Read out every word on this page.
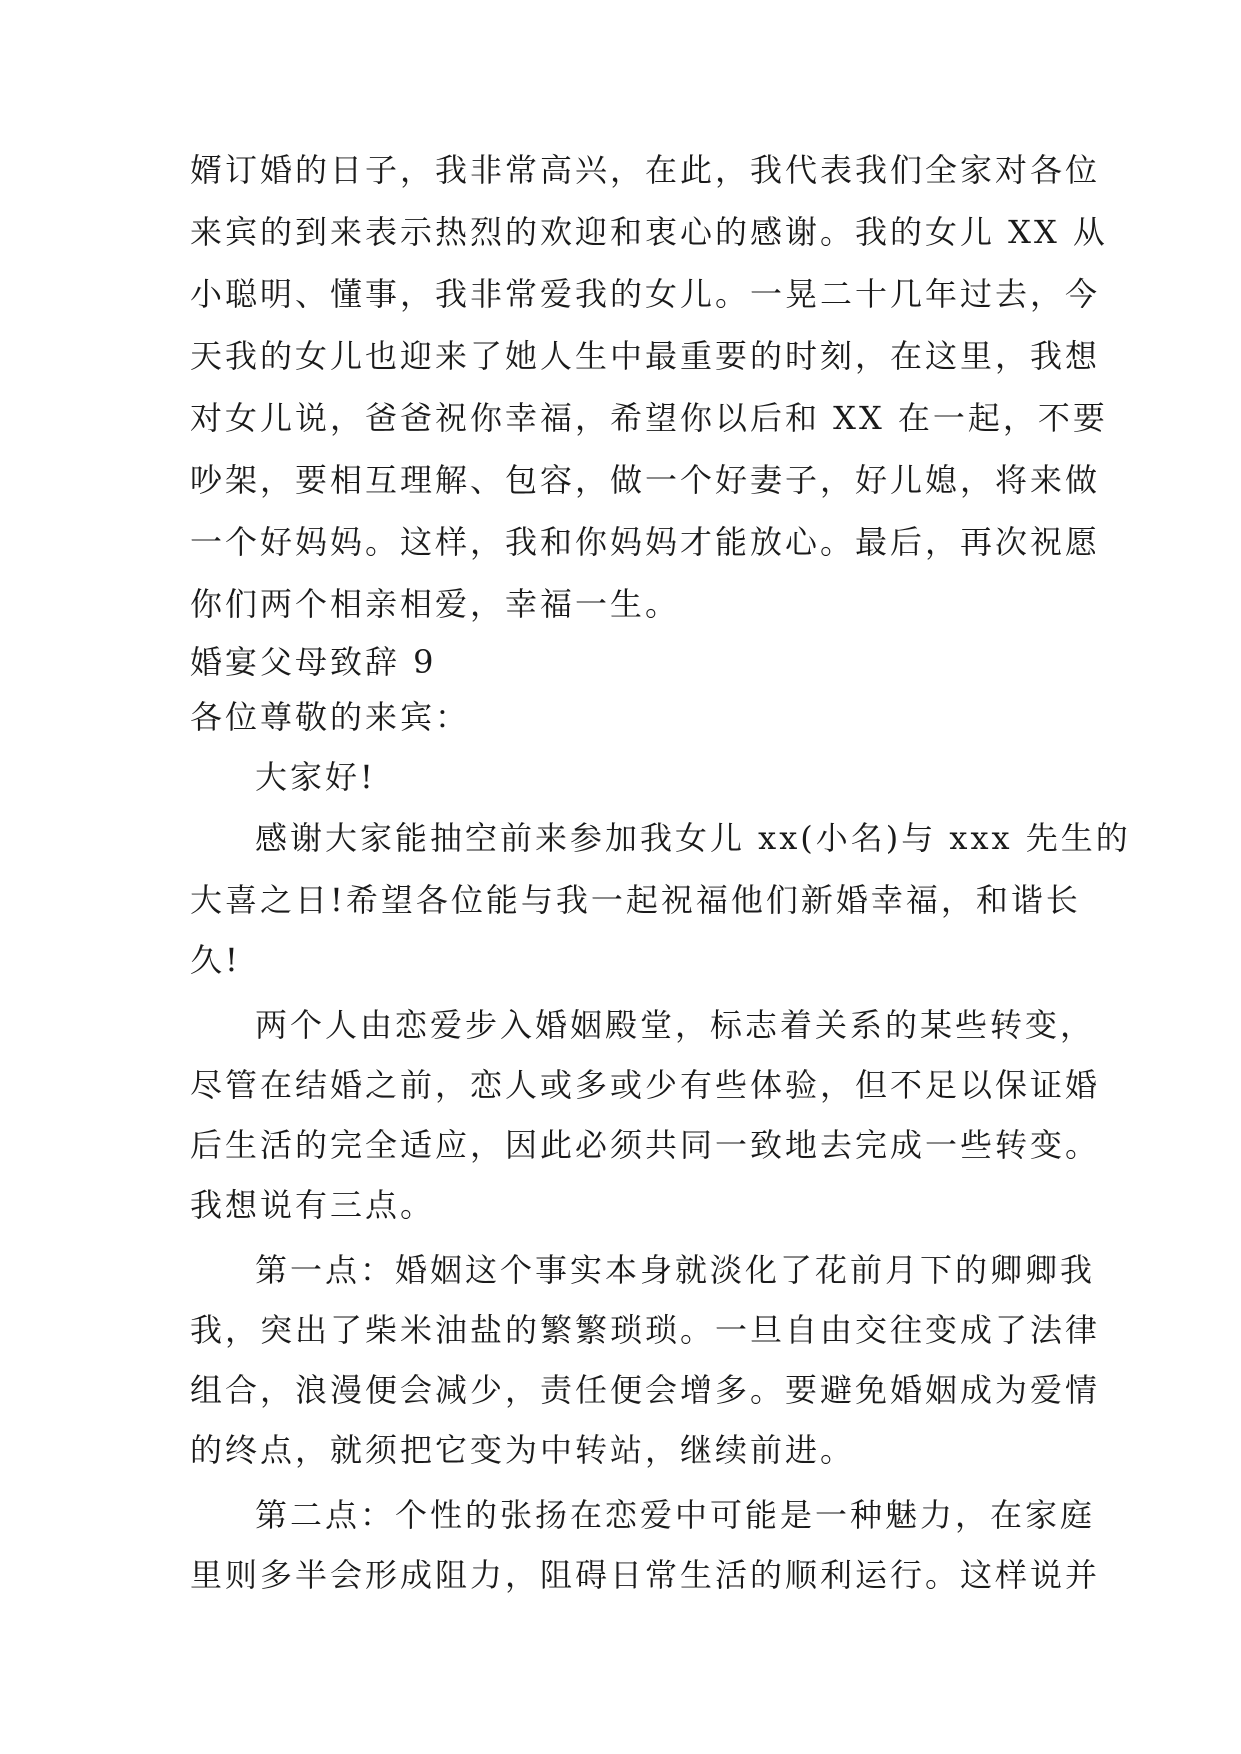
婿订婚的日子，我非常高兴，在此，我代表我们全家对各位
来宾的到来表示热烈的欢迎和衷心的感谢。我的女儿 XX 从
小聪明、懂事，我非常爱我的女儿。一晃二十几年过去，今
天我的女儿也迎来了她人生中最重要的时刻，在这里，我想
对女儿说，爸爸祝你幸福，希望你以后和 XX 在一起，不要
吵架，要相互理解、包容，做一个好妻子，好儿媳，将来做
一个好妈妈。这样，我和你妈妈才能放心。最后，再次祝愿
你们两个相亲相爱，幸福一生。
婚宴父母致辞 9
各位尊敬的来宾：
大家好!
感谢大家能抽空前来参加我女儿 xx(小名)与 xxx 先生的
大喜之日!希望各位能与我一起祝福他们新婚幸福，和谐长
久!
两个人由恋爱步入婚姻殿堂，标志着关系的某些转变，
尽管在结婚之前，恋人或多或少有些体验，但不足以保证婚
后生活的完全适应，因此必须共同一致地去完成一些转变。
我想说有三点。
第一点：婚姻这个事实本身就淡化了花前月下的卿卿我
我，突出了柴米油盐的繁繁琐琐。一旦自由交往变成了法律
组合，浪漫便会减少，责任便会增多。要避免婚姻成为爱情
的终点，就须把它变为中转站，继续前进。
第二点：个性的张扬在恋爱中可能是一种魅力，在家庭
里则多半会形成阻力，阻碍日常生活的顺利运行。这样说并
